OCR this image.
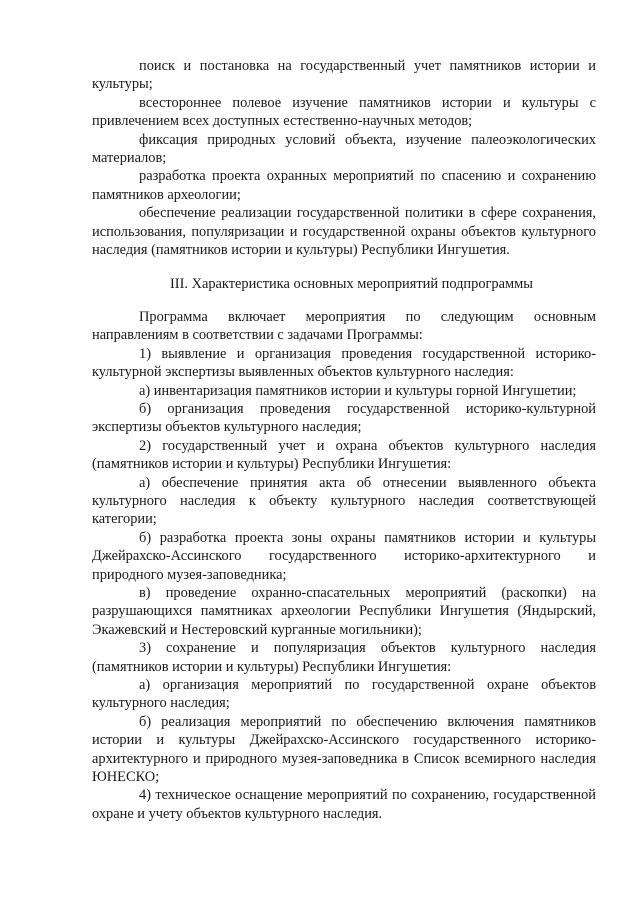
поиск и постановка на государственный учет памятников истории и культуры;

всестороннее полевое изучение памятников истории и культуры с привлечением всех доступных естественно-научных методов;

фиксация природных условий объекта, изучение палеоэкологических материалов;

разработка проекта охранных мероприятий по спасению и сохранению памятников археологии;

обеспечение реализации государственной политики в сфере сохранения, использования, популяризации и государственной охраны объектов культурного наследия (памятников истории и культуры) Республики Ингушетия.

III. Характеристика основных мероприятий подпрограммы

Программа включает мероприятия по следующим основным направлениям в соответствии с задачами Программы:

1) выявление и организация проведения государственной историко-культурной экспертизы выявленных объектов культурного наследия:

а) инвентаризация памятников истории и культуры горной Ингушетии;

б) организация проведения государственной историко-культурной экспертизы объектов культурного наследия;

2) государственный учет и охрана объектов культурного наследия (памятников истории и культуры) Республики Ингушетия:

а) обеспечение принятия акта об отнесении выявленного объекта культурного наследия к объекту культурного наследия соответствующей категории;

б) разработка проекта зоны охраны памятников истории и культуры Джейрахско-Ассинского государственного историко-архитектурного и природного музея-заповедника;

в) проведение охранно-спасательных мероприятий (раскопки) на разрушающихся памятниках археологии Республики Ингушетия (Яндырский, Экажевский и Нестеровский курганные могильники);

3) сохранение и популяризация объектов культурного наследия (памятников истории и культуры) Республики Ингушетия:

а) организация мероприятий по государственной охране объектов культурного наследия;

б) реализация мероприятий по обеспечению включения памятников истории и культуры Джейрахско-Ассинского государственного историко-архитектурного и природного музея-заповедника в Список всемирного наследия ЮНЕСКО;

4) техническое оснащение мероприятий по сохранению, государственной охране и учету объектов культурного наследия.
